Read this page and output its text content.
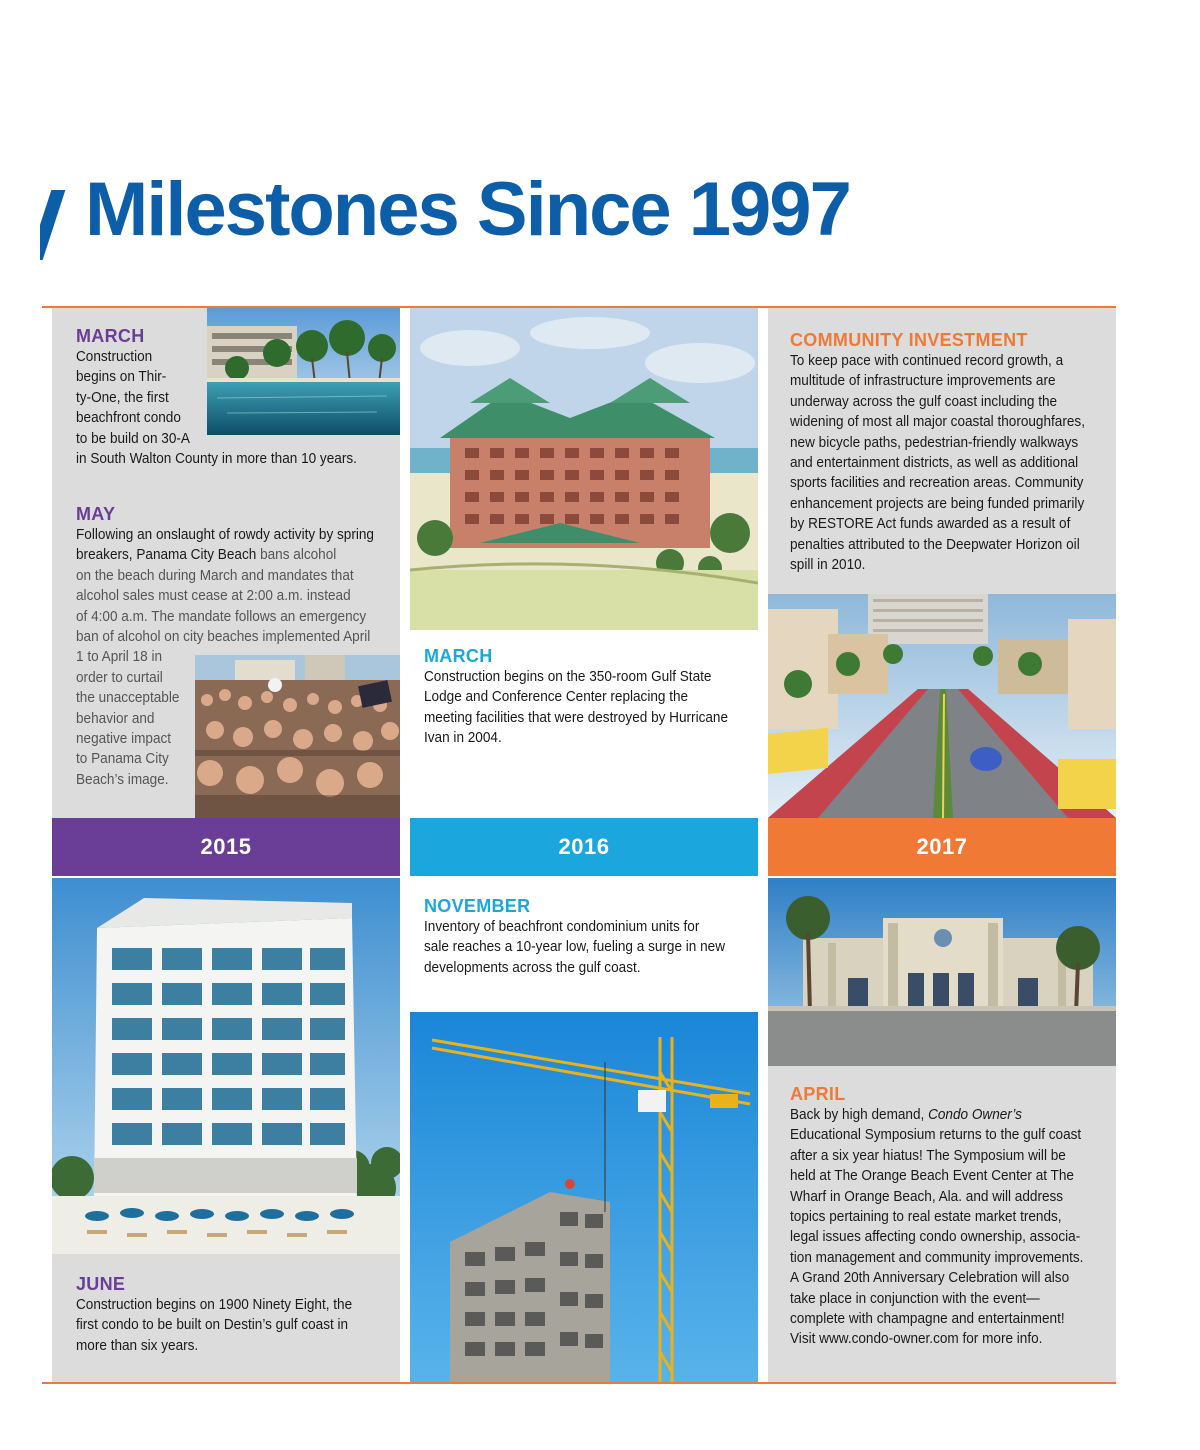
Milestones Since 1997
MARCH
Construction
begins on Thir-
ty-One, the first
beachfront condo
to be build on 30-A
in South Walton County in more than 10 years.
MAY
Following an onslaught of rowdy activity by spring
breakers, Panama City Beach bans alcohol
on the beach during March and mandates that
alcohol sales must cease at 2:00 a.m. instead
of 4:00 a.m. The mandate follows an emergency
ban of alcohol on city beaches implemented April
1 to April 18 in
order to curtail
the unacceptable
behavior and
negative impact
to Panama City
Beach’s image.
2015
JUNE
Construction begins on 1900 Ninety Eight, the
first condo to be built on Destin’s gulf coast in
more than six years.
MARCH
Construction begins on the 350-room Gulf State
Lodge and Conference Center replacing the
meeting facilities that were destroyed by Hurricane
Ivan in 2004.
2016
NOVEMBER
Inventory of beachfront condominium units for
sale reaches a 10-year low, fueling a surge in new
developments across the gulf coast.
COMMUNITY INVESTMENT
To keep pace with continued record growth, a
multitude of infrastructure improvements are
underway across the gulf coast including the
widening of most all major coastal thoroughfares,
new bicycle paths, pedestrian-friendly walkways
and entertainment districts, as well as additional
sports facilities and recreation areas. Community
enhancement projects are being funded primarily
by RESTORE Act funds awarded as a result of
penalties attributed to the Deepwater Horizon oil
spill in 2010.
2017
APRIL
Back by high demand, Condo Owner’s
Educational Symposium returns to the gulf coast
after a six year hiatus! The Symposium will be
held at The Orange Beach Event Center at The
Wharf in Orange Beach, Ala. and will address
topics pertaining to real estate market trends,
legal issues affecting condo ownership, associa-
tion management and community improvements.
A Grand 20th Anniversary Celebration will also
take place in conjunction with the event—
complete with champagne and entertainment!
Visit www.condo-owner.com for more info.
